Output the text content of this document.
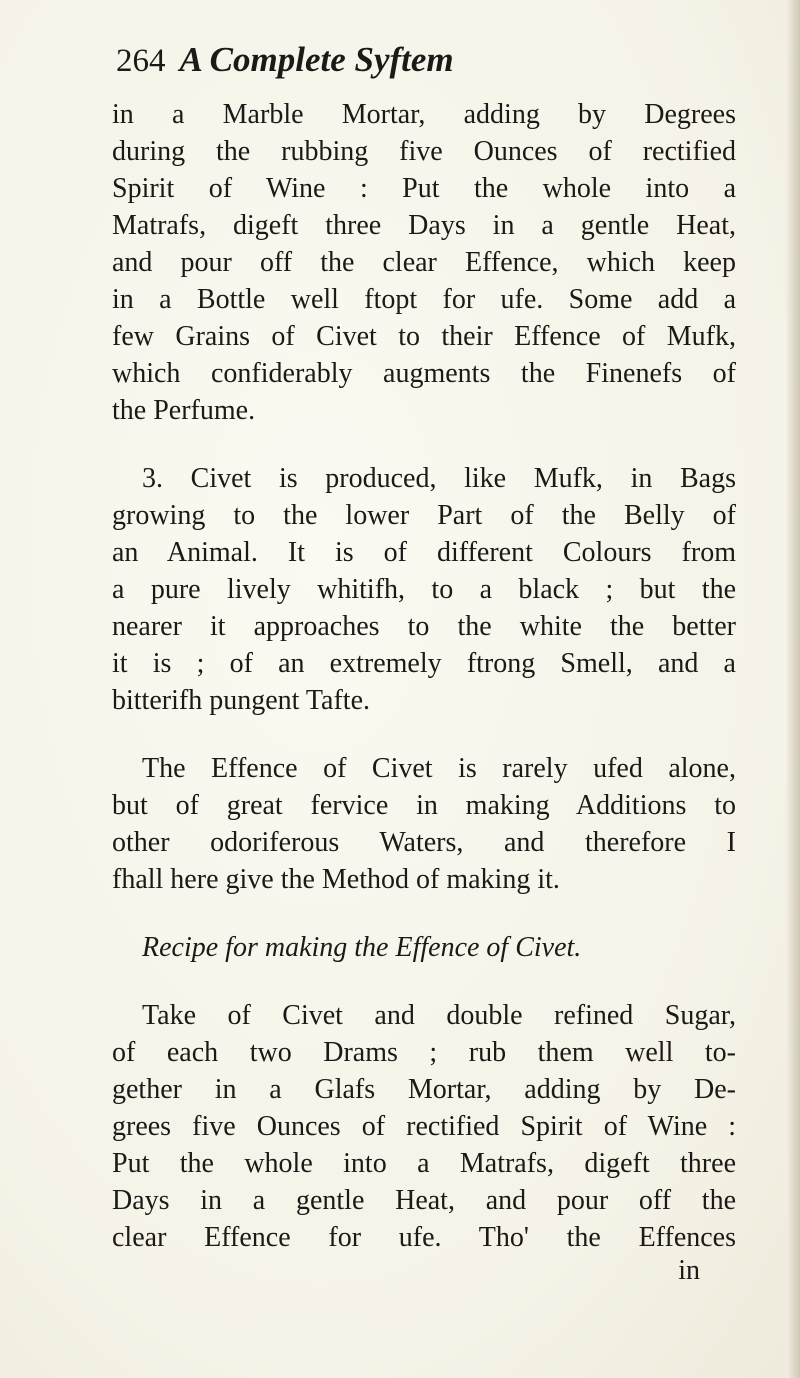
264 A Complete Syftem
in a Marble Mortar, adding by Degrees
during the rubbing five Ounces of rectified
Spirit of Wine : Put the whole into a
Matrafs, digeft three Days in a gentle Heat,
and pour off the clear Effence, which keep
in a Bottle well ftopt for ufe. Some add a
few Grains of Civet to their Effence of Mufk,
which confiderably augments the Finenefs of
the Perfume.
3. Civet is produced, like Mufk, in Bags
growing to the lower Part of the Belly of
an Animal. It is of different Colours from
a pure lively whitifh, to a black ; but the
nearer it approaches to the white the better
it is ; of an extremely ftrong Smell, and a
bitterifh pungent Tafte.
The Effence of Civet is rarely ufed alone,
but of great fervice in making Additions to
other odoriferous Waters, and therefore I
fhall here give the Method of making it.
Recipe for making the Effence of Civet.
Take of Civet and double refined Sugar,
of each two Drams ; rub them well to-
gether in a Glafs Mortar, adding by De-
grees five Ounces of rectified Spirit of Wine :
Put the whole into a Matrafs, digeft three
Days in a gentle Heat, and pour off the
clear Effence for ufe. Tho' the Effences
in
